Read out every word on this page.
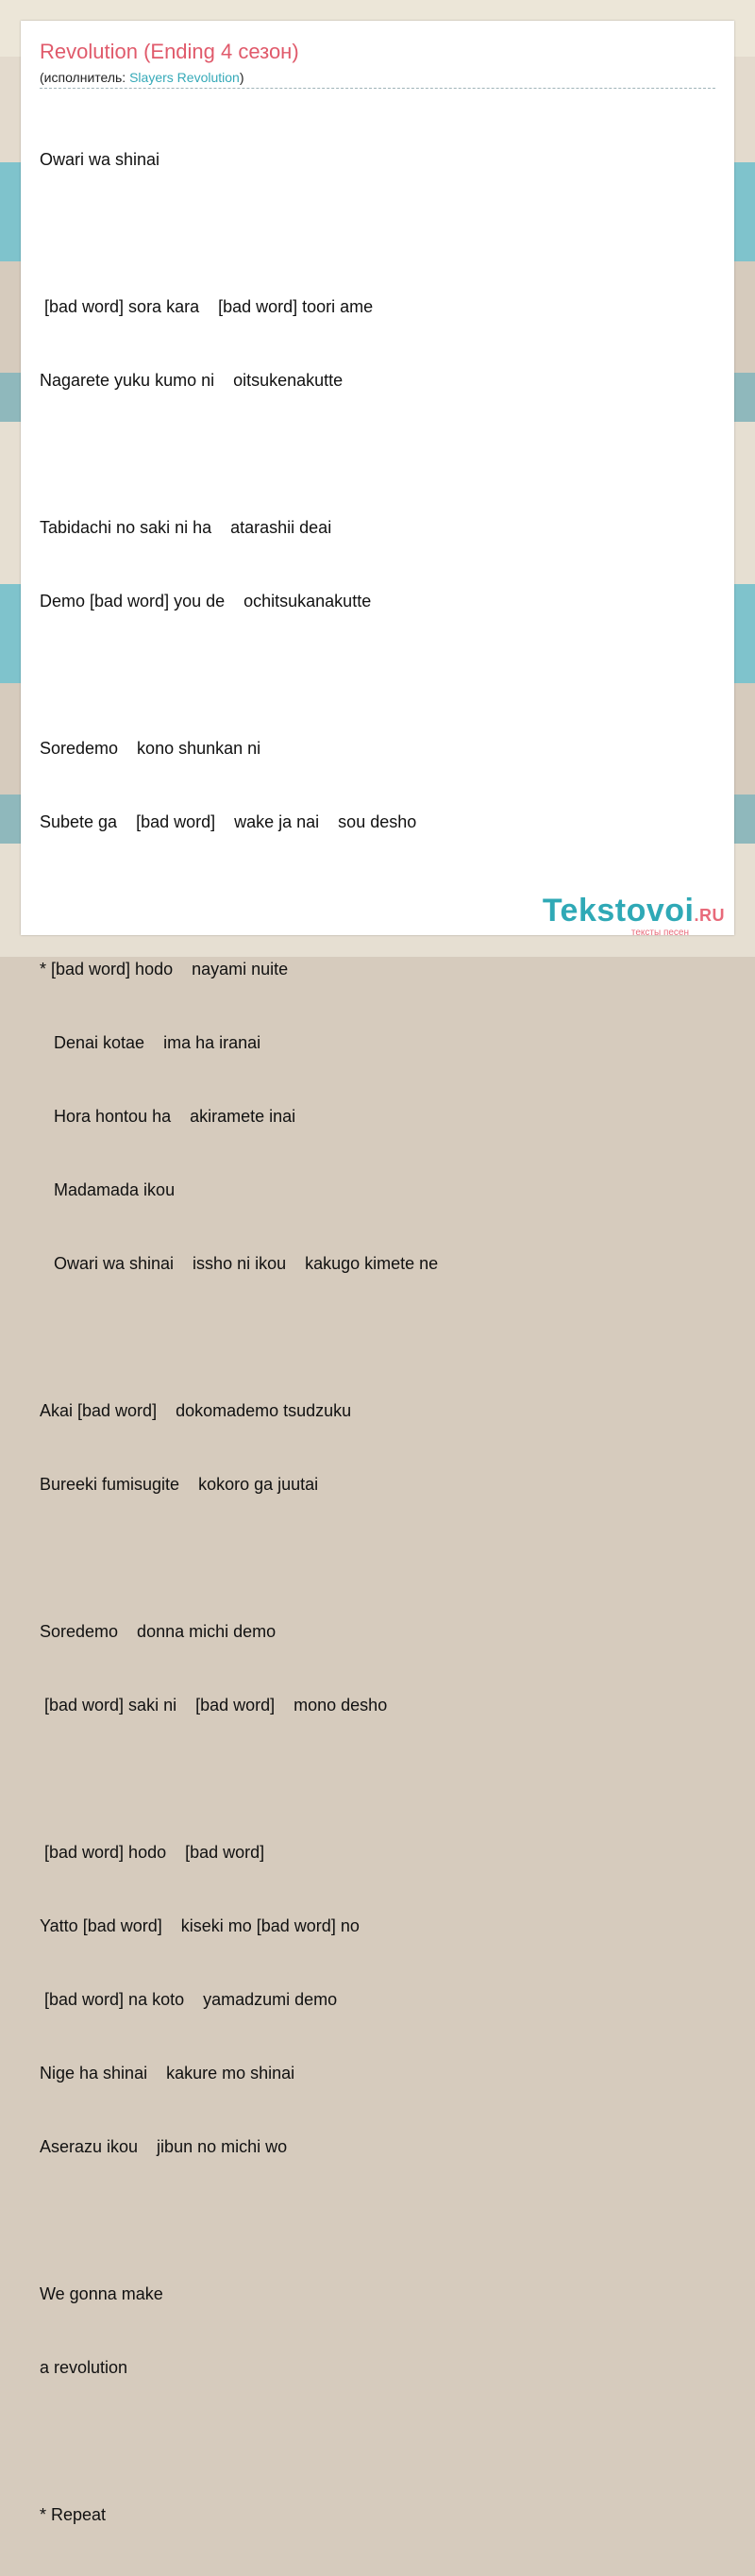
Revolution (Ending 4 сезон)
(исполнитель: Slayers Revolution)

Owari wa shinai

[bad word] sora kara    [bad word] toori ame

Nagarete yuku kumo ni    oitsukenakutte

Tabidachi no saki ni ha    atarashii deai

Demo [bad word] you de    ochitsukanakutte

Soredemo    kono shunkan ni

Subete ga    [bad word]    wake ja nai    sou desho

* [bad word] hodo    nayami nuite

Denai kotae    ima ha iranai

Hora hontou ha    akiramete inai

Madamada ikou

Owari wa shinai    issho ni ikou    kakugo kimete ne

Akai [bad word]    dokomademo tsudzuku

Bureeki fumisugite    kokoro ga juutai

Soredemo    donna michi demo

[bad word] saki ni    [bad word]    mono desho

[bad word] hodo    [bad word]

Yatto [bad word]    kiseki mo [bad word] no

[bad word] na koto    yamadzumi demo

Nige ha shinai    kakure mo shinai

Aserazu ikou    jibun no michi wo

We gonna make

a revolution

* Repeat

Tekstovoi.RU
тексты песен
